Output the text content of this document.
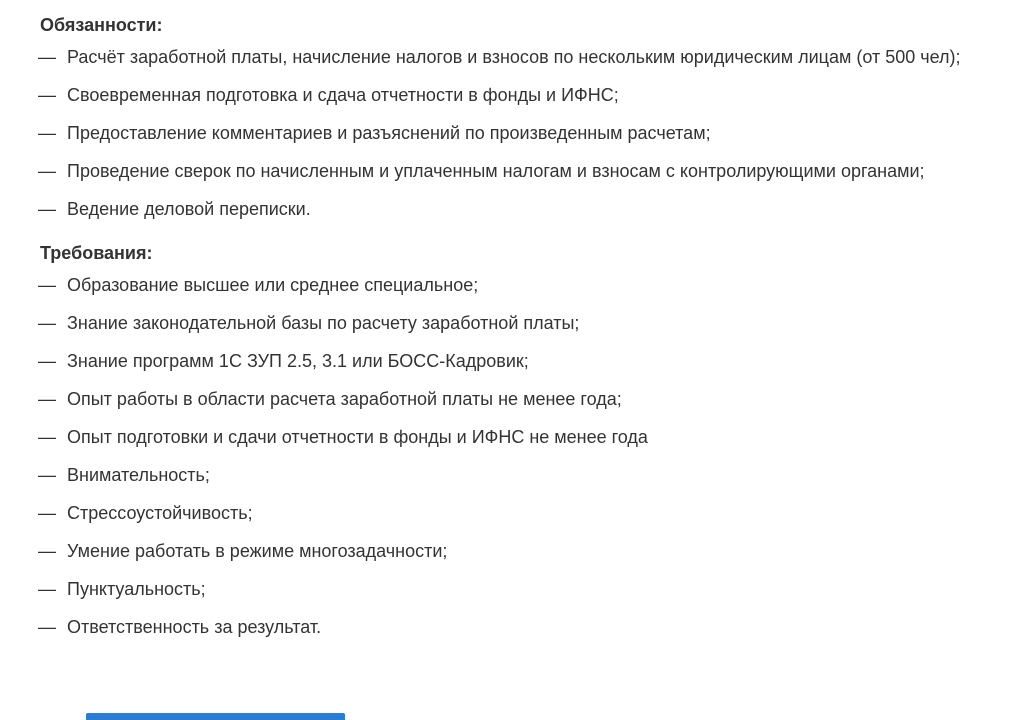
Обязанности:
— Расчёт заработной платы, начисление налогов и взносов по нескольким юридическим лицам (от 500 чел);
— Своевременная подготовка и сдача отчетности в фонды и ИФНС;
— Предоставление комментариев и разъяснений по произведенным расчетам;
— Проведение сверок по начисленным и уплаченным налогам и взносам с контролирующими органами;
— Ведение деловой переписки.
Требования:
— Образование высшее или среднее специальное;
— Знание законодательной базы по расчету заработной платы;
— Знание программ 1С ЗУП 2.5, 3.1 или БОСС-Кадровик;
— Опыт работы в области расчета заработной платы не менее года;
— Опыт подготовки и сдачи отчетности в фонды и ИФНС не менее года
— Внимательность;
— Стрессоустойчивость;
— Умение работать в режиме многозадачности;
— Пунктуальность;
— Ответственность за результат.
